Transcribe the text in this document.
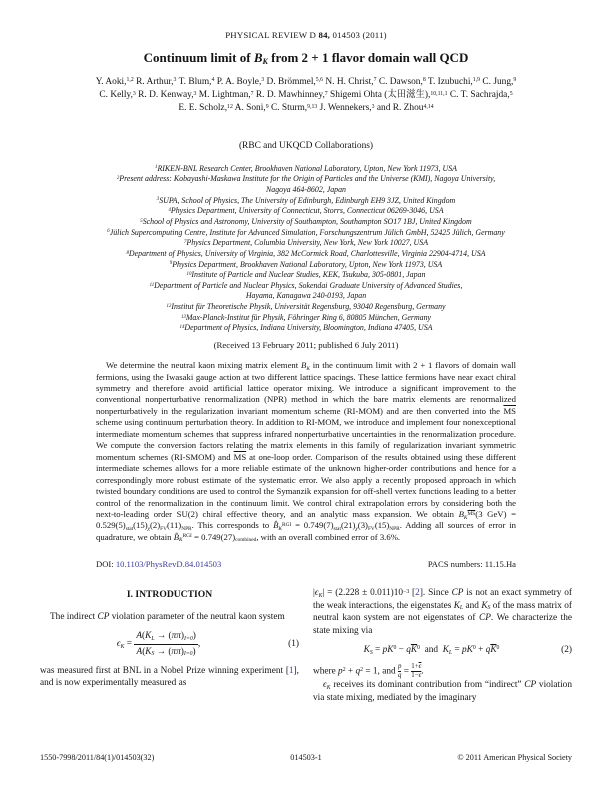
PHYSICAL REVIEW D 84, 014503 (2011)
Continuum limit of $B_K$ from 2 + 1 flavor domain wall QCD
Y. Aoki,$^{1,2}$ R. Arthur,$^3$ T. Blum,$^4$ P. A. Boyle,$^3$ D. Brömmel,$^{5,6}$ N. H. Christ,$^7$ C. Dawson,$^8$ T. Izubuchi,$^{1,9}$ C. Jung,$^9$
C. Kelly,$^3$ R. D. Kenway,$^3$ M. Lightman,$^7$ R. D. Mawhinney,$^7$ Shigemi Ohta (太田滋生),$^{10,11,1}$ C. T. Sachrajda,$^5$
E. E. Scholz,$^{12}$ A. Soni,$^9$ C. Sturm,$^{9,13}$ J. Wennekers,$^3$ and R. Zhou$^{4,14}$
(RBC and UKQCD Collaborations)
$^1$RIKEN-BNL Research Center, Brookhaven National Laboratory, Upton, New York 11973, USA
$^2$Present address: Kobayashi-Maskawa Institute for the Origin of Particles and the Universe (KMI), Nagoya University,
Nagoya 464-8602, Japan
$^3$SUPA, School of Physics, The University of Edinburgh, Edinburgh EH9 3JZ, United Kingdom
$^4$Physics Department, University of Connecticut, Storrs, Connecticut 06269-3046, USA
$^5$School of Physics and Astronomy, University of Southampton, Southampton SO17 1BJ, United Kingdom
$^6$Jülich Supercomputing Centre, Institute for Advanced Simulation, Forschungszentrum Jülich GmbH, 52425 Jülich, Germany
$^7$Physics Department, Columbia University, New York, New York 10027, USA
$^8$Department of Physics, University of Virginia, 382 McCormick Road, Charlottesville, Virginia 22904-4714, USA
$^9$Physics Department, Brookhaven National Laboratory, Upton, New York 11973, USA
$^{10}$Institute of Particle and Nuclear Studies, KEK, Tsukuba, 305-0801, Japan
$^{11}$Department of Particle and Nuclear Physics, Sokendai Graduate University of Advanced Studies,
Hayama, Kanagawa 240-0193, Japan
$^{12}$Institut für Theoretische Physik, Universität Regensburg, 93040 Regensburg, Germany
$^{13}$Max-Planck-Institut für Physik, Föhringer Ring 6, 80805 München, Germany
$^{14}$Department of Physics, Indiana University, Bloomington, Indiana 47405, USA
(Received 13 February 2011; published 6 July 2011)
We determine the neutral kaon mixing matrix element $B_K$ in the continuum limit with 2 + 1 flavors of domain wall fermions, using the Iwasaki gauge action at two different lattice spacings. These lattice fermions have near exact chiral symmetry and therefore avoid artificial lattice operator mixing. We introduce a significant improvement to the conventional nonperturbative renormalization (NPR) method in which the bare matrix elements are renormalized nonperturbatively in the regularization invariant momentum scheme (RI-MOM) and are then converted into the $\overline{MS}$ scheme using continuum perturbation theory. In addition to RI-MOM, we introduce and implement four nonexceptional intermediate momentum schemes that suppress infrared nonperturbative uncertainties in the renormalization procedure. We compute the conversion factors relating the matrix elements in this family of regularization invariant symmetric momentum schemes (RI-SMOM) and $\overline{MS}$ at one-loop order. Comparison of the results obtained using these different intermediate schemes allows for a more reliable estimate of the unknown higher-order contributions and hence for a correspondingly more robust estimate of the systematic error. We also apply a recently proposed approach in which twisted boundary conditions are used to control the Symanzik expansion for off-shell vertex functions leading to a better control of the renormalization in the continuum limit. We control chiral extrapolation errors by considering both the next-to-leading order SU(2) chiral effective theory, and an analytic mass expansion. We obtain $B_K^{\overline{MS}}(3$ $GeV) = 0.529(5)_{stat}(15)_\chi(2)_{FV}(11)_{NPR}$. This corresponds to $B̂_K^{RGI} = 0.749(7)_{stat}(21)_\chi(3)_{FV}(15)_{NPR}$. Adding all sources of error in quadrature, we obtain $B̂_K^{RGI} = 0.749(27)_{combined}$, with an overall combined error of 3.6%.
DOI: 10.1103/PhysRevD.84.014503	PACS numbers: 11.15.Ha
I. INTRODUCTION

The indirect CP violation parameter of the neutral kaon system

$\epsilon_K = \frac{A(K_L \to (\pi\pi)_{I=0})}{A(K_S \to (\pi\pi)_{I=0})}$ ,	(1)

was measured first at BNL in a Nobel Prize winning experiment [1], and is now experimentally measured as

$|\epsilon_K| = (2.228 \pm 0.011)10^{-3}$ [2]. Since CP is not an exact symmetry of the weak interactions, the eigenstates $K_L$ and $K_S$ of the mass matrix of neutral kaon system are not eigenstates of CP. We characterize the state mixing via

$K_S = pK^0 - q\overline{K}^0$  and  $K_L = pK^0 + q\overline{K}^0$	(2)

where $p^2 + q^2 = 1$, and $\frac{p}{q} = \frac{1+\overline{\epsilon}}{1-\overline{\epsilon}}$ .

$\epsilon_K$ receives its dominant contribution from “indirect” CP violation via state mixing, mediated by the imaginary

1550-7998/2011/84(1)/014503(32)	014503-1	© 2011 American Physical Society
